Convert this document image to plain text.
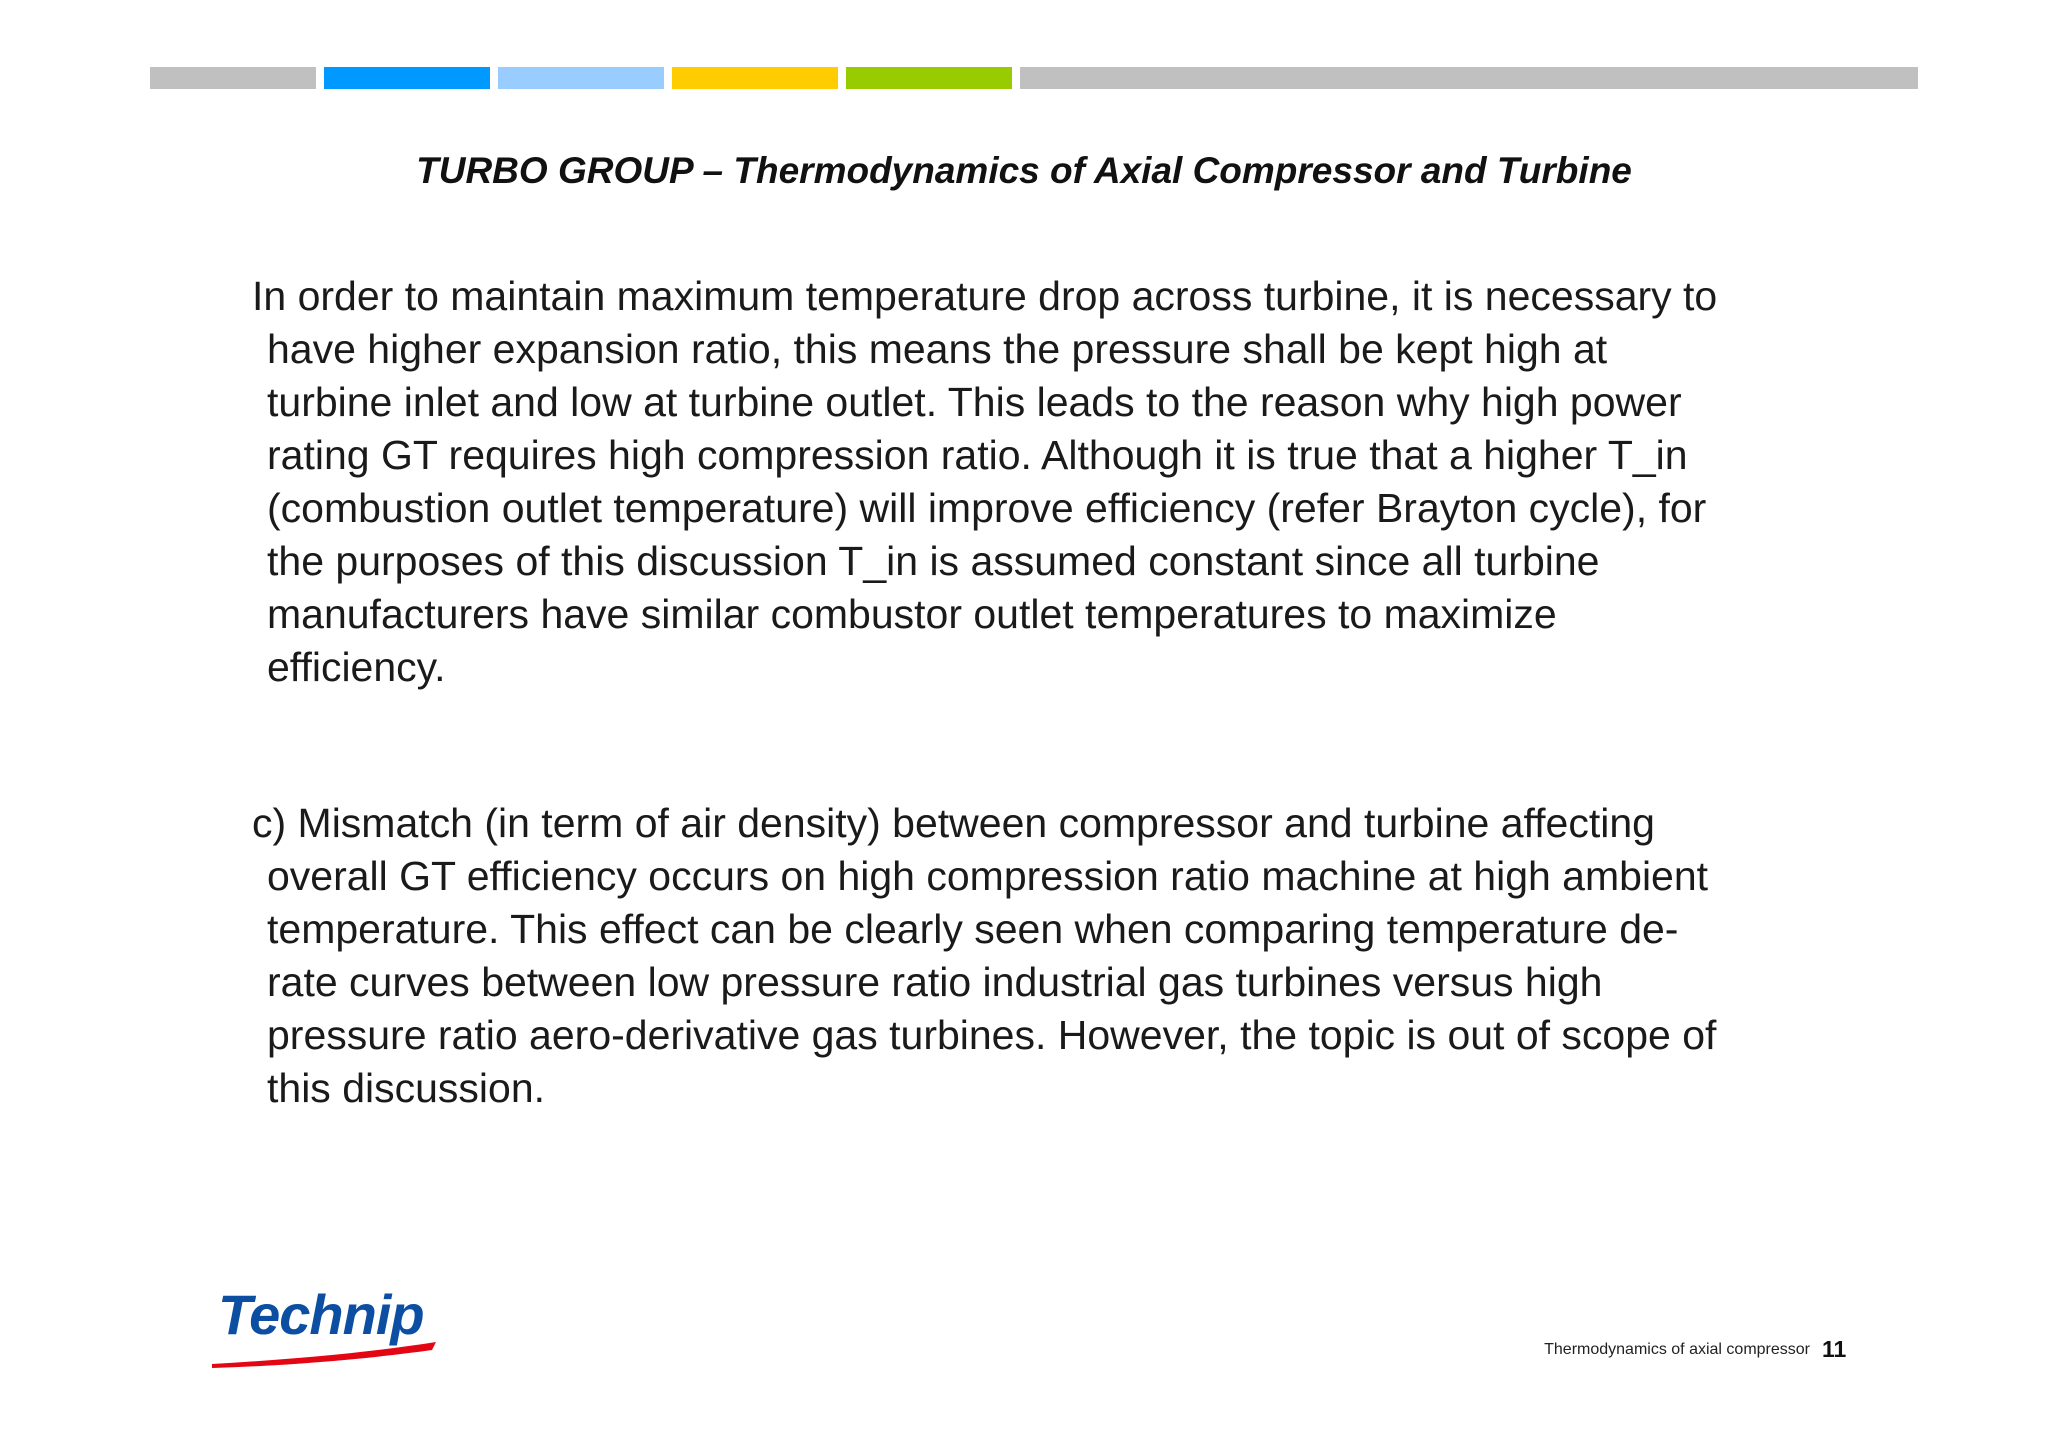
TURBO GROUP – Thermodynamics of Axial Compressor and Turbine

In order to maintain maximum temperature drop across turbine, it is necessary to
have higher expansion ratio, this means the pressure shall be kept high at
turbine inlet and low at turbine outlet. This leads to the reason why high power
rating GT requires high compression ratio. Although it is true that a higher T_in
(combustion outlet temperature) will improve efficiency (refer Brayton cycle), for
the purposes of this discussion T_in is assumed constant since all turbine
manufacturers have similar combustor outlet temperatures to maximize
efficiency.

c) Mismatch (in term of air density) between compressor and turbine affecting
overall GT efficiency occurs on high compression ratio machine at high ambient
temperature. This effect can be clearly seen when comparing temperature de-
rate curves between low pressure ratio industrial gas turbines versus high
pressure ratio aero-derivative gas turbines. However, the topic is out of scope of
this discussion.

Technip
Thermodynamics of axial compressor 11
